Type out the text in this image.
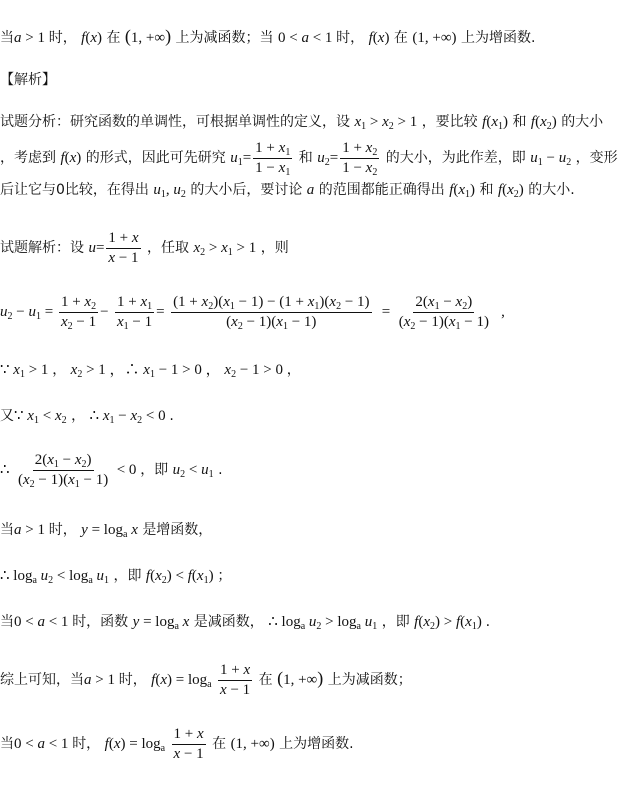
当a > 1 时， f(x) 在 (1, +∞) 上为减函数；当 0 < a < 1 时， f(x) 在 (1, +∞) 上为增函数.
【解析】
试题分析：研究函数的单调性，可根据单调性的定义，设 $x_1 > x_2 > 1$ ，要比较 $f(x_1)$ 和 $f(x_2)$ 的大小
，考虑到 f(x) 的形式，因此可先研究 $u_1= \frac{1 + x_1}{1 - x_1}$ 和 $u_2= \frac{1 + x_2}{1 - x_2}$ 的大小，为此作差，即 $u_1 - u_2$ ，变形
后让它与0比较，在得出 $u_1$, $u_2$ 的大小后，要讨论 a 的范围都能正确得出 $f(x_1)$ 和 $f(x_2)$ 的大小.
试题解析：设 $u= \frac{1 + x}{x - 1}$ ，任取 $x_2 > x_1 > 1$ ，则
$u_2 - u_1 = \frac{1 + x_2}{x_2 - 1} - \frac{1 + x_1}{x_1 - 1} = \frac{(1 + x_2)(x_1 - 1) - (1 + x_1)(x_2 - 1)}{(x_2 - 1)(x_1 - 1)} = \frac{2(x_1 - x_2)}{(x_2 - 1)(x_1 - 1)}$ ,
∵ $x_1 > 1$ ， $x_2 > 1$ ，∴ $x_1 - 1 > 0$ ， $x_2 - 1 > 0$ ，
又∵ $x_1 < x_2$ ， ∴ $x_1 - x_2 < 0$ .
∴ $\frac{2(x_1 - x_2)}{(x_2 - 1)(x_1 - 1)} < 0$ ，即 $u_2 < u_1$ .
当a > 1 时， $y = \log_a x$ 是增函数，
∴ $\log_a u_2 < \log_a u_1$ ，即 $f(x_2) < f(x_1)$ ；
当0 < a < 1 时，函数 $y = \log_a x$ 是减函数， ∴ $\log_a u_2 > \log_a u_1$ ，即 $f(x_2) > f(x_1)$ .
综上可知，当a > 1 时， $f(x) = \log_a \frac{1 + x}{x - 1}$ 在 (1, +∞) 上为减函数；
当0 < a < 1 时， $f(x) = \log_a \frac{1 + x}{x - 1}$ 在 (1, +∞) 上为增函数.
